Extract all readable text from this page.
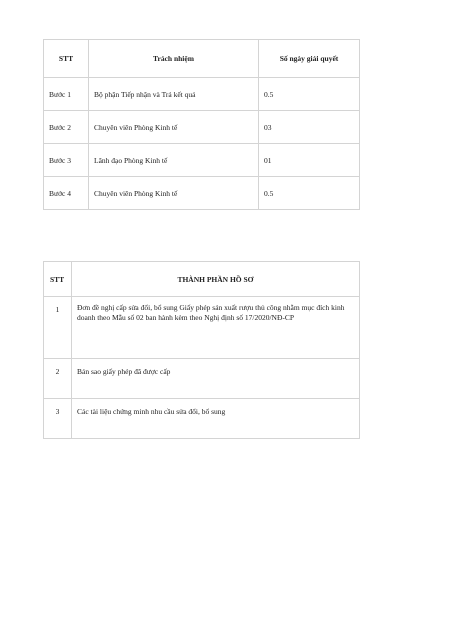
STT	Trách nhiệm	Số ngày giải quyết
Bước 1	Bộ phận Tiếp nhận và Trả kết quả	0.5
Bước 2	Chuyên viên Phòng Kinh tế	03
Bước 3	Lãnh đạo Phòng Kinh tế	01
Bước 4	Chuyên viên Phòng Kinh tế	0.5
STT	THÀNH PHẦN HỒ SƠ
1	Đơn đề nghị cấp sửa đổi, bổ sung Giấy phép sản xuất rượu thủ công nhằm mục đích kinh doanh theo Mẫu số 02 ban hành kèm theo Nghị định số 17/2020/NĐ-CP
2	Bản sao giấy phép đã được cấp
3	Các tài liệu chứng minh nhu cầu sửa đổi, bổ sung
